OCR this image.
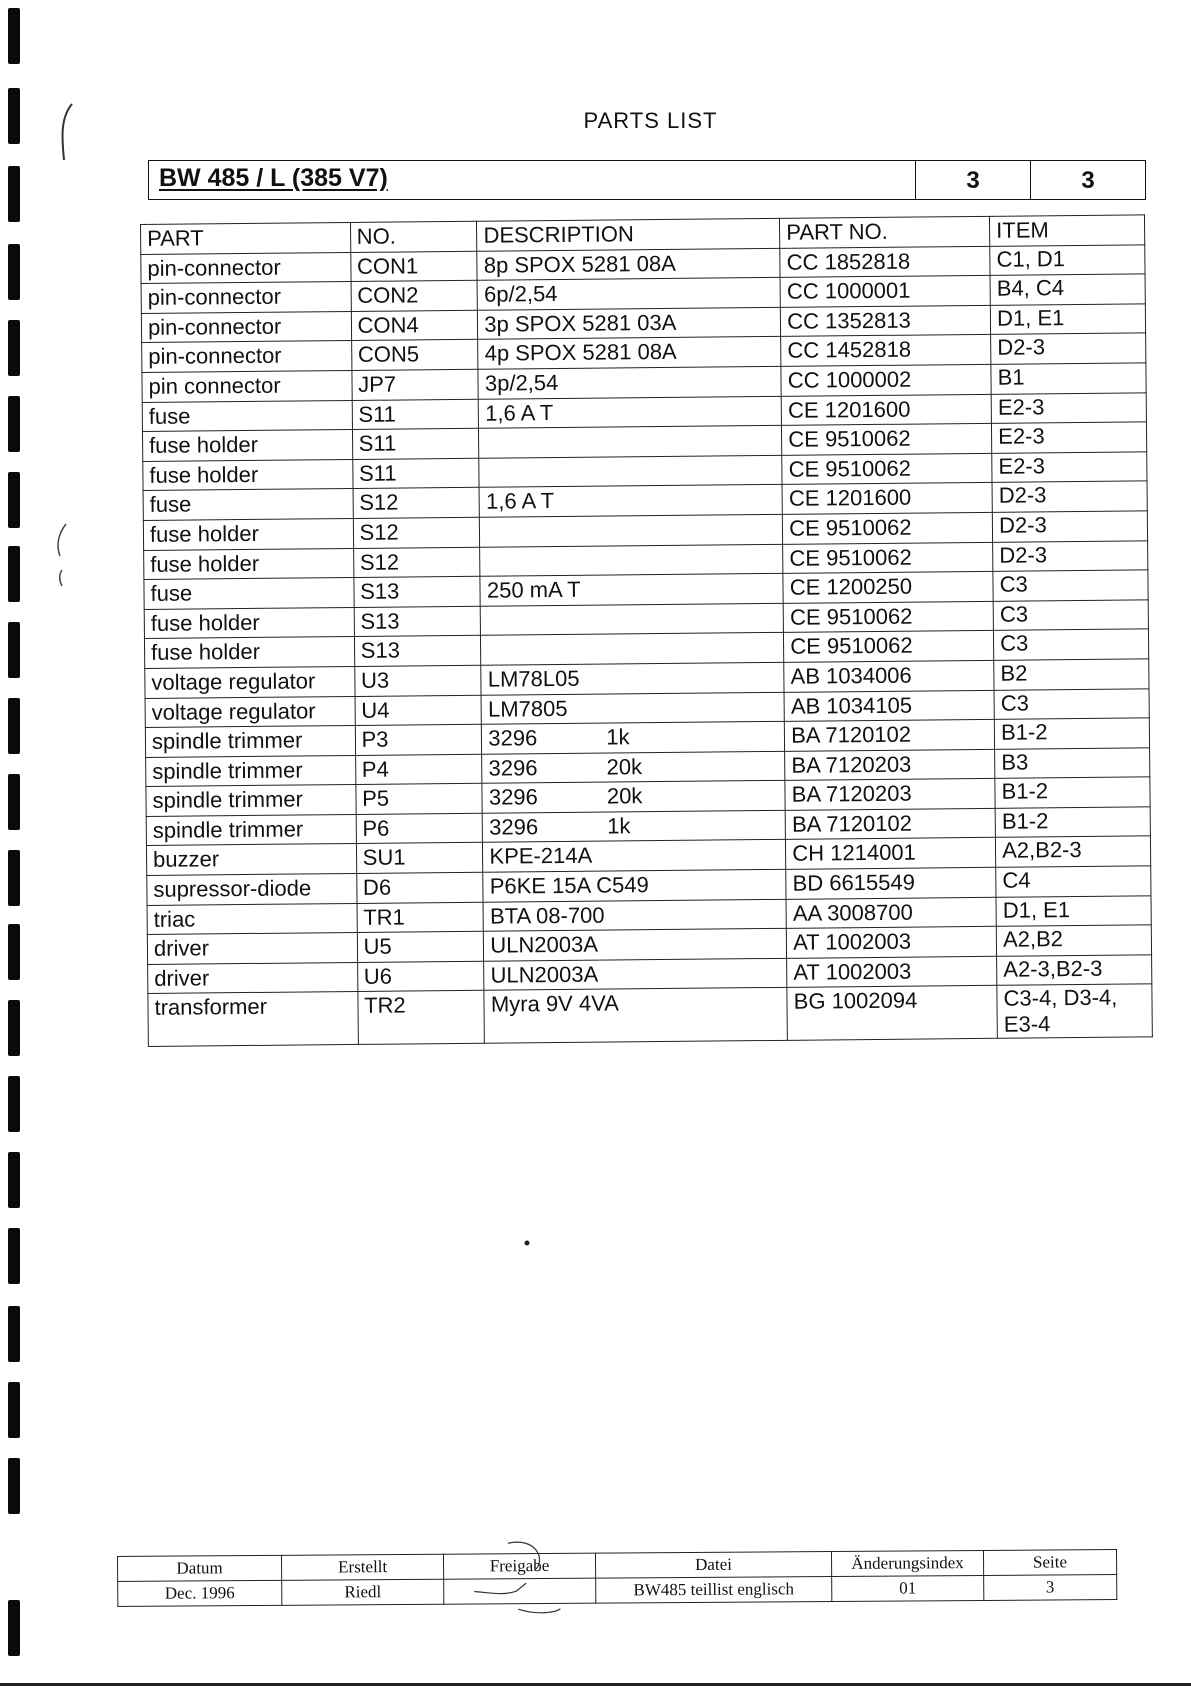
PARTS LIST
BW 485 / L (385 V7)	3	3
PART	NO.	DESCRIPTION	PART NO.	ITEM
pin-connector	CON1	8p SPOX 5281 08A	CC 1852818	C1, D1
pin-connector	CON2	6p/2,54	CC 1000001	B4, C4
pin-connector	CON4	3p SPOX 5281 03A	CC 1352813	D1, E1
pin-connector	CON5	4p SPOX 5281 08A	CC 1452818	D2-3
pin connector	JP7	3p/2,54	CC 1000002	B1
fuse	S11	1,6 A T	CE 1201600	E2-3
fuse holder	S11		CE 9510062	E2-3
fuse holder	S11		CE 9510062	E2-3
fuse	S12	1,6 A T	CE 1201600	D2-3
fuse holder	S12		CE 9510062	D2-3
fuse holder	S12		CE 9510062	D2-3
fuse	S13	250 mA T	CE 1200250	C3
fuse holder	S13		CE 9510062	C3
fuse holder	S13		CE 9510062	C3
voltage regulator	U3	LM78L05	AB 1034006	B2
voltage regulator	U4	LM7805	AB 1034105	C3
spindle trimmer	P3	3296 1k	BA 7120102	B1-2
spindle trimmer	P4	3296 20k	BA 7120203	B3
spindle trimmer	P5	3296 20k	BA 7120203	B1-2
spindle trimmer	P6	3296 1k	BA 7120102	B1-2
buzzer	SU1	KPE-214A	CH 1214001	A2,B2-3
supressor-diode	D6	P6KE 15A C549	BD 6615549	C4
triac	TR1	BTA 08-700	AA 3008700	D1, E1
driver	U5	ULN2003A	AT 1002003	A2,B2
driver	U6	ULN2003A	AT 1002003	A2-3,B2-3
transformer	TR2	Myra 9V 4VA	BG 1002094	C3-4, D3-4, E3-4
Datum	Erstellt	Freigabe	Datei	Änderungsindex	Seite
Dec. 1996	Riedl		BW485 teillist englisch	01	3
